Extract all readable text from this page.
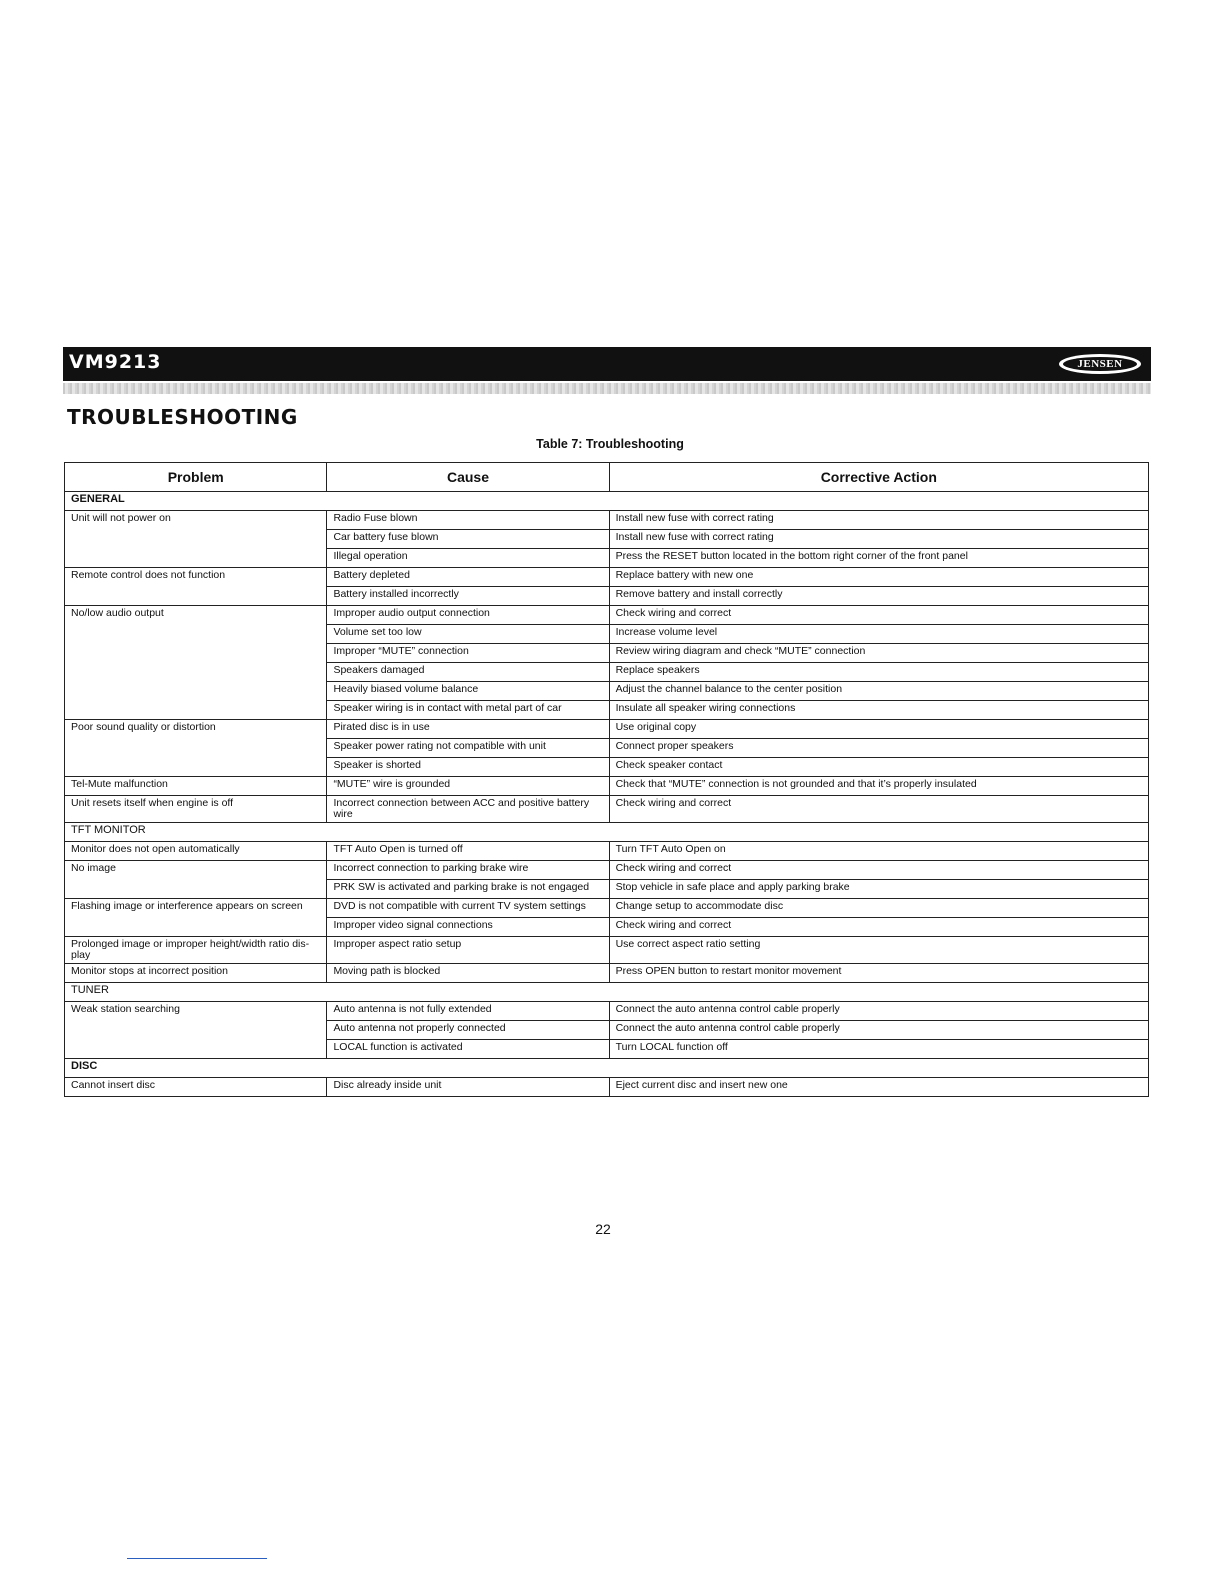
VM9213	JENSEN
TROUBLESHOOTING
Table 7: Troubleshooting
Problem	Cause	Corrective Action
GENERAL		
Unit will not power on	Radio Fuse blown	Install new fuse with correct rating
	Car battery fuse blown	Install new fuse with correct rating
	Illegal operation	Press the RESET button located in the bottom right corner of the front panel
Remote control does not function	Battery depleted	Replace battery with new one
	Battery installed incorrectly	Remove battery and install correctly
No/low audio output	Improper audio output connection	Check wiring and correct
	Volume set too low	Increase volume level
	Improper “MUTE” connection	Review wiring diagram and check “MUTE” connection
	Speakers damaged	Replace speakers
	Heavily biased volume balance	Adjust the channel balance to the center position
	Speaker wiring is in contact with metal part of car	Insulate all speaker wiring connections
Poor sound quality or distortion	Pirated disc is in use	Use original copy
	Speaker power rating not compatible with unit	Connect proper speakers
	Speaker is shorted	Check speaker contact
Tel-Mute malfunction	“MUTE” wire is grounded	Check that “MUTE” connection is not grounded and that it’s properly insulated
Unit resets itself when engine is off	Incorrect connection between ACC and positive battery wire	Check wiring and correct
TFT MONITOR		
Monitor does not open automatically	TFT Auto Open is turned off	Turn TFT Auto Open on
No image	Incorrect connection to parking brake wire	Check wiring and correct
	PRK SW is activated and parking brake is not engaged	Stop vehicle in safe place and apply parking brake
Flashing image or interference appears on screen	DVD is not compatible with current TV system settings	Change setup to accommodate disc
	Improper video signal connections	Check wiring and correct
Prolonged image or improper height/width ratio dis-play	Improper aspect ratio setup	Use correct aspect ratio setting
Monitor stops at incorrect position	Moving path is blocked	Press OPEN button to restart monitor movement
TUNER		
Weak station searching	Auto antenna is not fully extended	Connect the auto antenna control cable properly
	Auto antenna not properly connected	Connect the auto antenna control cable properly
	LOCAL function is activated	Turn LOCAL function off
DISC		
Cannot insert disc	Disc already inside unit	Eject current disc and insert new one
22
